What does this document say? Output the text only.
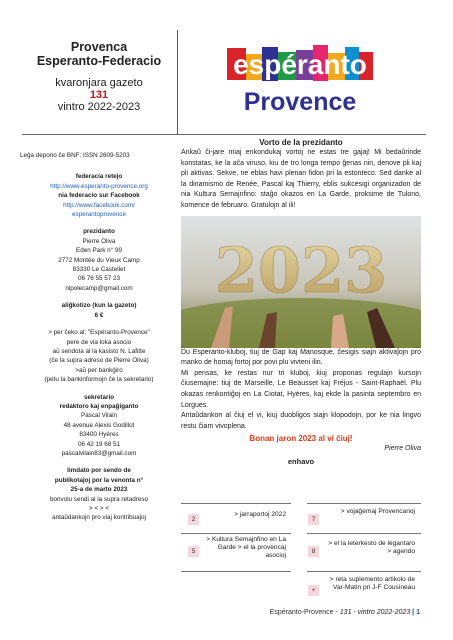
Provenca
Esperanto-Federacio
kvaronjara gazeto
131
vintro 2022-2023
espéranto
Provence
Leĝa depono ĉe BNF: ISSN 2609-5203
federacia retejo
http://www.esperanto-provence.org
nia federacio sur Facebook
http://www.facebook.com/
esperantoprovence
prezidanto
Pierre Oliva
Eden Park n° 99
2772 Montée du Vieux Camp
83330 Le Castellet
06 76 55 57 23
nlpolecamp@gmail.com
aliĝkotizo (kun la gazeto)
6 €
> per ĉeko al: "Espéranto-Provence"
pere de via loka asocio
aŭ sendota al la kasisto N. Lafitte
(ĉe la supra adreso de Pierre Oliva)
>aŭ per bankĝiro
(petu la bankinformojn ĉe la sekretario)
sekretario
redaktoro kaj enpaĝiganto
Pascal Vilain
48 avenue Alexis Godillot
83400 Hyères
06 42 19 68 51
pascalvilain83@gmail.com
limdato por sendo de
publikotaĵoj por la venonta n°
25-a de marto 2023
bonvolu sendi al la supra retadreso
> < > <
antaŭdankojn pro viaj kontribuaĵoj
Vorto de la prezidanto
Ankaŭ ĉi-jare miaj enkondukaj vortoj ne estas tre gajaj! Mi bedaŭrinde konstatas, ke la aĉa viruso, kiu de tro longa tempo ĝenas nin, denove pli kaj pli aktivas. Sekve, ne eblas havi plenan fidon pri la estonteco. Sed danke al la dinamismo de Renée, Pascal kaj Thierry, eblis sukcesigi organizadon de nia Kultura Semajnfino: staĝo okazos en La Garde, proksime de Tulono, komence de februaro. Gratulojn al ili!
2023
Du Esperanto-kluboj, tiuj de Gap kaj Manosque, ĉesigis siajn aktivaĵojn pro manko de homaj fortoj por povi plu vivteni ilin.
Mi pensas, ke restas nur tri kluboj, kiuj proponas regulajn kursojn ĉiusemajne: tiuj de Marseille, Le Beausset kaj Fréjus - Saint-Raphaël. Plu okazas renkontiĝoj en La Ciotat, Hyères, kaj ekde la pasinta septembro en Lorgues.
Antaŭdankon al ĉiuj el vi, kiuj duobligos siajn klopodojn, por ke nia lingvo restu ĉiam vivoplena.
Bonan jaron 2023 al vi ĉiuj!
Pierre Oliva
enhavo
2
> jarraportoj 2022
7
> vojaĝemaj Provencanoj
5
> Kultura Semajnfino en La Garde > el la provencaj asocioj
8
> el la leterkesto de legantaro > agendo
+
> reta suplemento artikolo de Var-Matin pri J-F Cousineau
Espéranto-Provence - 131 - vintro 2022-2023 | 1
